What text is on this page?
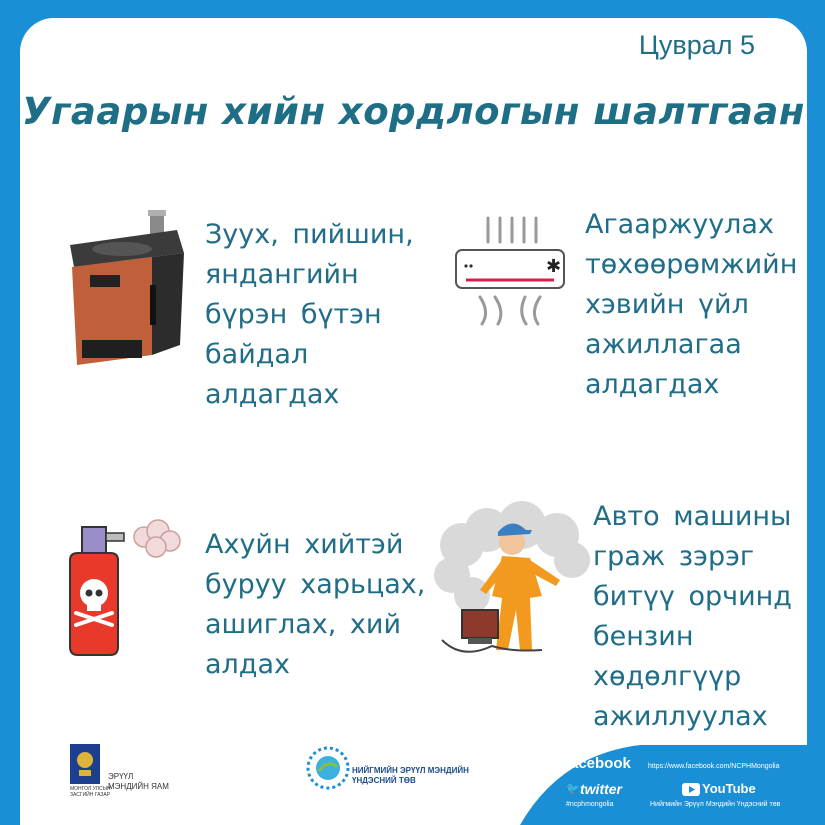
Цуврал 5
Угаарын хийн хордлогын шалтгаан
✱
Зуух, пийшин,
яндангийн
бүрэн бүтэн
байдал
алдагдах
Агааржуулах
төхөөрөмжийн
хэвийн үйл
ажиллагаа
алдагдах
Ахуйн хийтэй
буруу харьцах,
ашиглах, хий
алдах
Авто машины
граж зэрэг
битүү орчинд
бензин
хөдөлгүүр
ажиллуулах
МОНГОЛ УЛСЫН
ЗАСГИЙН ГАЗАР
ЭРҮҮЛ
МЭНДИЙН ЯАМ
НИЙГМИЙН ЭРҮҮЛ МЭНДИЙН
ҮНДЭСНИЙ ТӨВ
facebook https://www.facebook.com/NCPHMongolia
🐦 twitter
#ncphmongolia
YouTube
Нийгмийн Эрүүл Мэндийн Үндэсний төв
